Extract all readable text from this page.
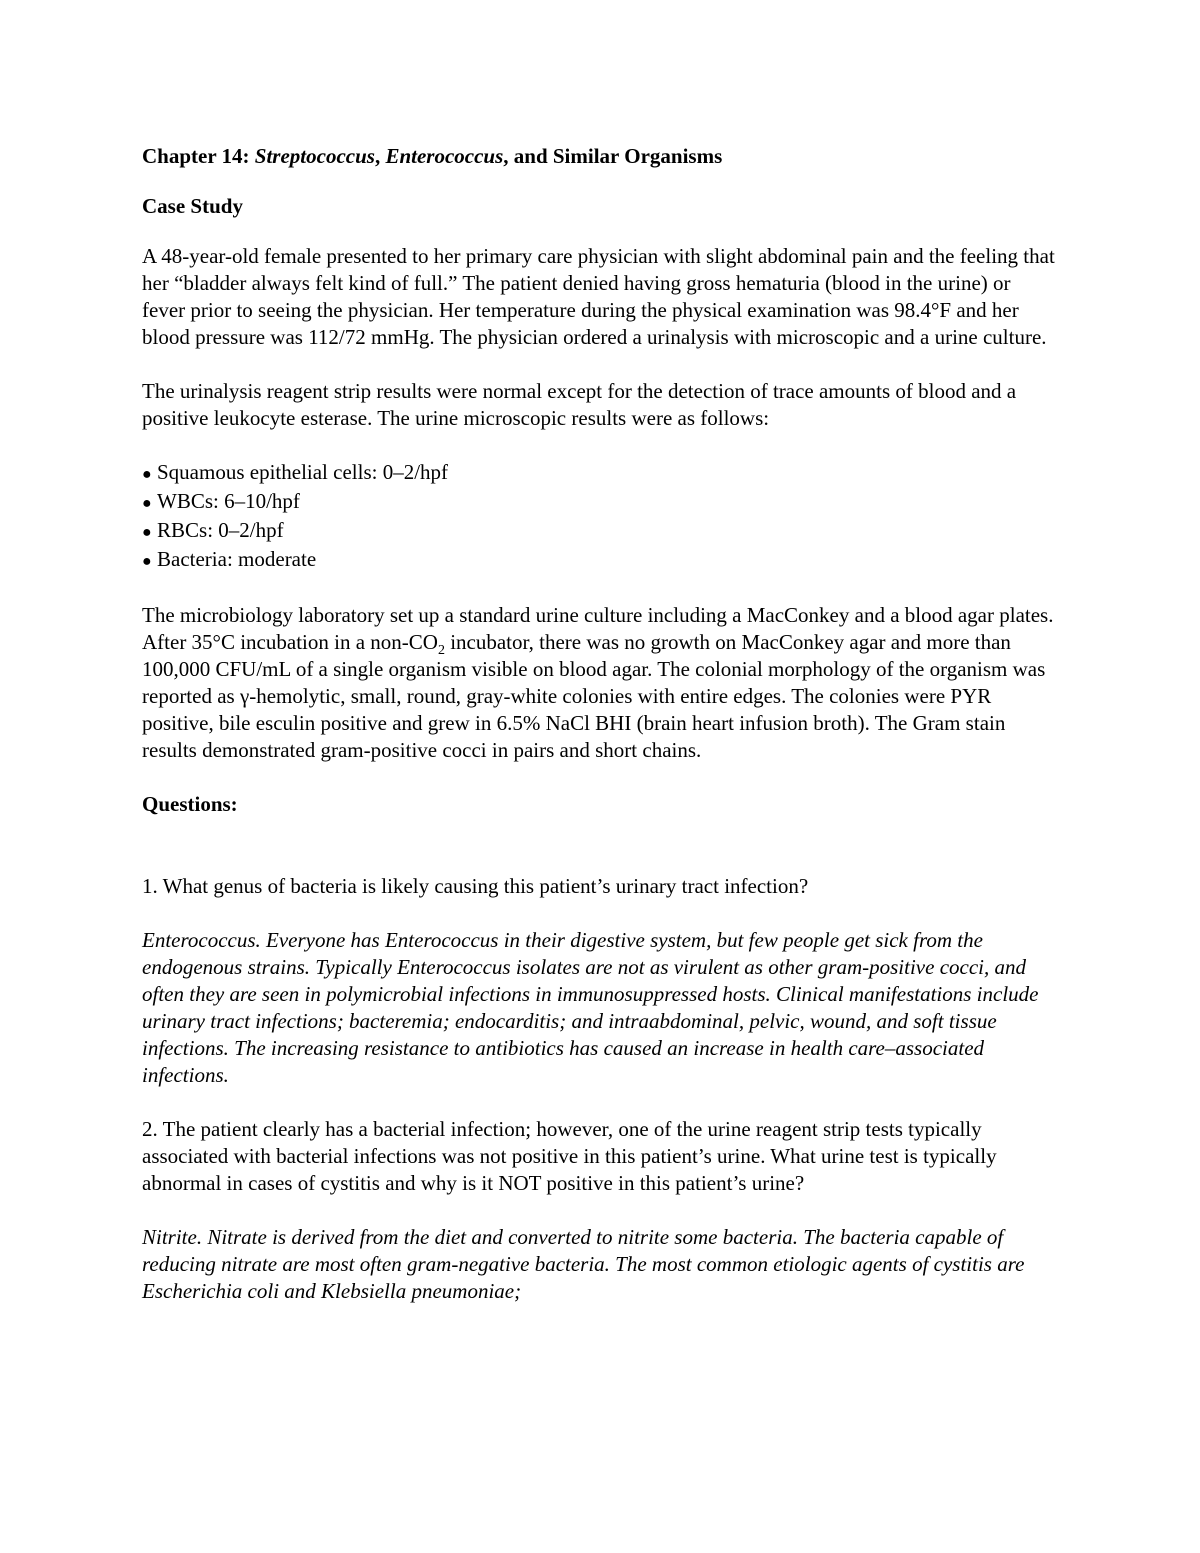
Chapter 14: Streptococcus, Enterococcus, and Similar Organisms

Case Study

A 48-year-old female presented to her primary care physician with slight abdominal pain and the feeling that her “bladder always felt kind of full.” The patient denied having gross hematuria (blood in the urine) or fever prior to seeing the physician. Her temperature during the physical examination was 98.4°F and her blood pressure was 112/72 mmHg. The physician ordered a urinalysis with microscopic and a urine culture.

The urinalysis reagent strip results were normal except for the detection of trace amounts of blood and a positive leukocyte esterase. The urine microscopic results were as follows:

● Squamous epithelial cells: 0–2/hpf
● WBCs: 6–10/hpf
● RBCs: 0–2/hpf
● Bacteria: moderate

The microbiology laboratory set up a standard urine culture including a MacConkey and a blood agar plates. After 35°C incubation in a non-$CO_2$ incubator, there was no growth on MacConkey agar and more than 100,000 CFU/mL of a single organism visible on blood agar. The colonial morphology of the organism was reported as γ-hemolytic, small, round, gray-white colonies with entire edges. The colonies were PYR positive, bile esculin positive and grew in 6.5% NaCl BHI (brain heart infusion broth). The Gram stain results demonstrated gram-positive cocci in pairs and short chains.

Questions:

1. What genus of bacteria is likely causing this patient’s urinary tract infection?

Enterococcus. Everyone has Enterococcus in their digestive system, but few people get sick from the endogenous strains. Typically Enterococcus isolates are not as virulent as other gram-positive cocci, and often they are seen in polymicrobial infections in immunosuppressed hosts. Clinical manifestations include urinary tract infections; bacteremia; endocarditis; and intraabdominal, pelvic, wound, and soft tissue infections. The increasing resistance to antibiotics has caused an increase in health care–associated infections.

2. The patient clearly has a bacterial infection; however, one of the urine reagent strip tests typically associated with bacterial infections was not positive in this patient’s urine. What urine test is typically abnormal in cases of cystitis and why is it NOT positive in this patient’s urine?

Nitrite. Nitrate is derived from the diet and converted to nitrite some bacteria. The bacteria capable of reducing nitrate are most often gram-negative bacteria. The most common etiologic agents of cystitis are Escherichia coli and Klebsiella pneumoniae;
